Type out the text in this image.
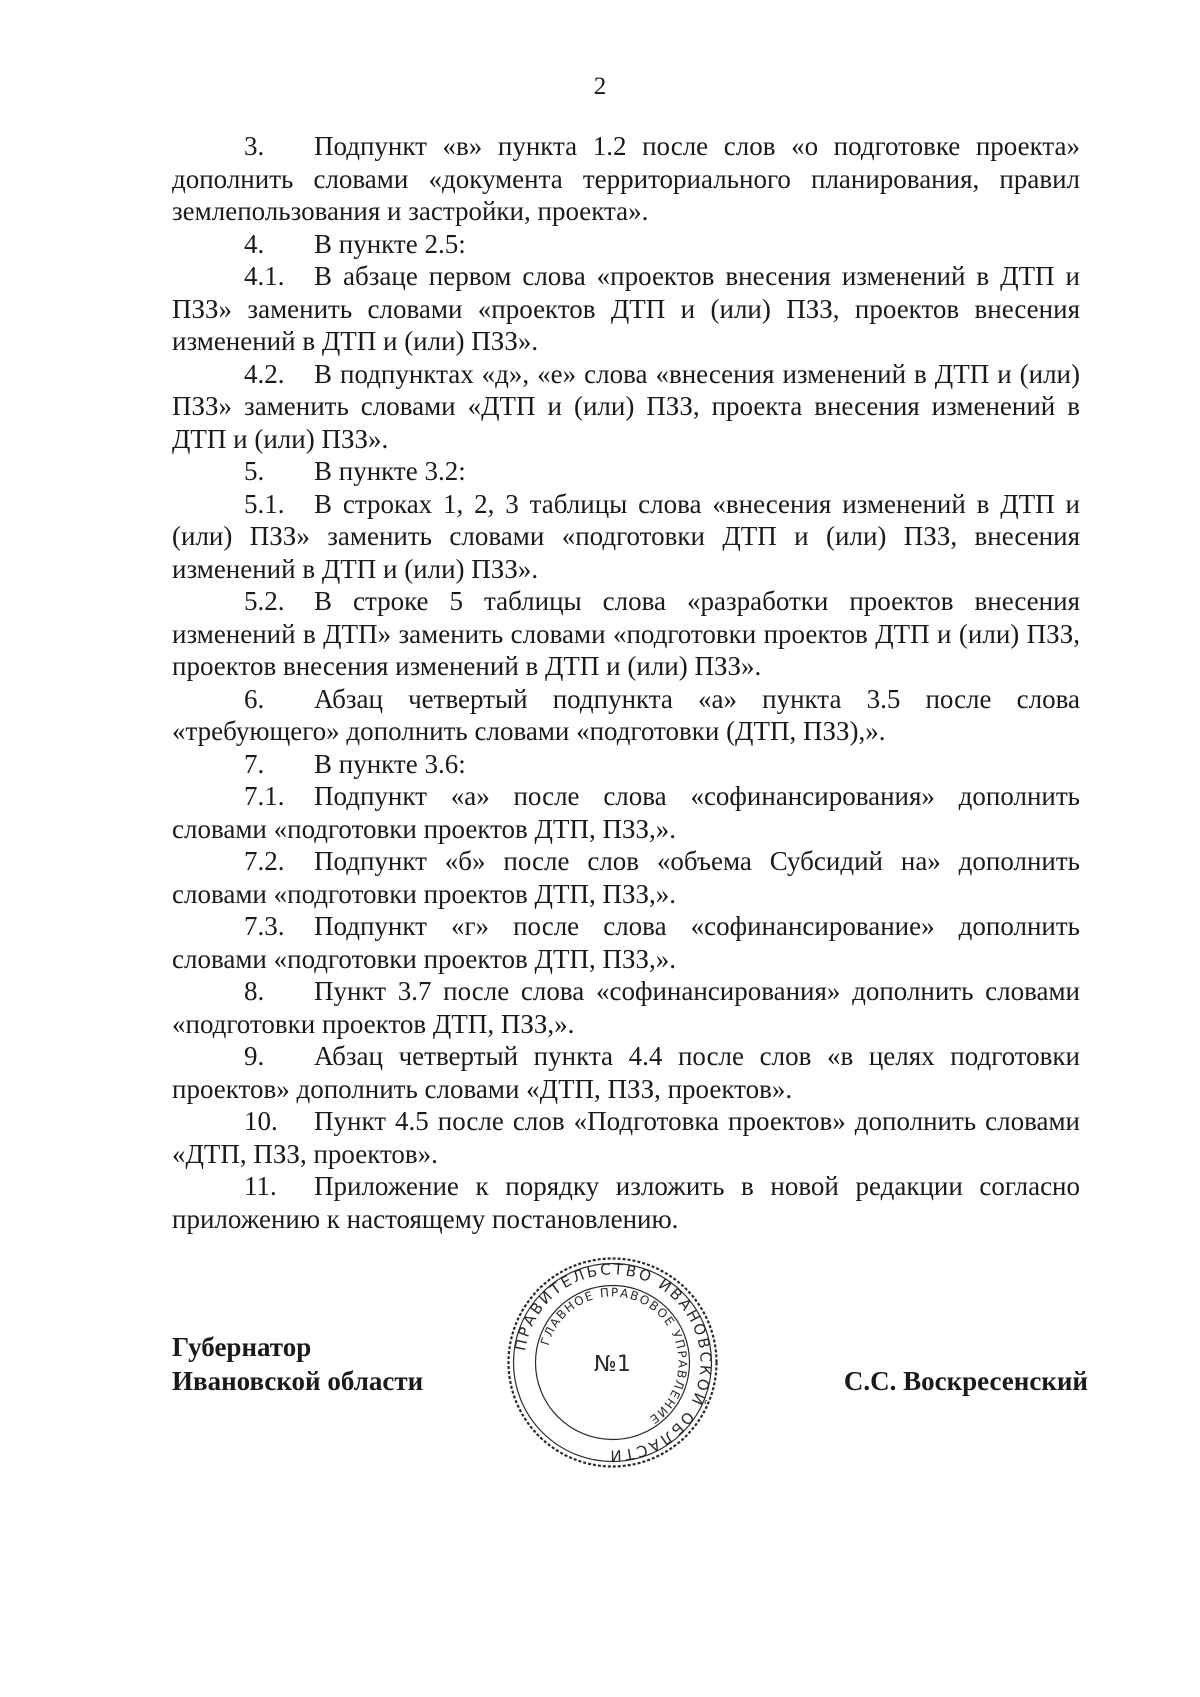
2

3. Подпункт «в» пункта 1.2 после слов «о подготовке проекта» дополнить словами «документа территориального планирования, правил землепользования и застройки, проекта».

4. В пункте 2.5:

4.1. В абзаце первом слова «проектов внесения изменений в ДТП и ПЗЗ» заменить словами «проектов ДТП и (или) ПЗЗ, проектов внесения изменений в ДТП и (или) ПЗЗ».

4.2. В подпунктах «д», «е» слова «внесения изменений в ДТП и (или) ПЗЗ» заменить словами «ДТП и (или) ПЗЗ, проекта внесения изменений в ДТП и (или) ПЗЗ».

5. В пункте 3.2:

5.1. В строках 1, 2, 3 таблицы слова «внесения изменений в ДТП и (или) ПЗЗ» заменить словами «подготовки ДТП и (или) ПЗЗ, внесения изменений в ДТП и (или) ПЗЗ».

5.2. В строке 5 таблицы слова «разработки проектов внесения изменений в ДТП» заменить словами «подготовки проектов ДТП и (или) ПЗЗ, проектов внесения изменений в ДТП и (или) ПЗЗ».

6. Абзац четвертый подпункта «а» пункта 3.5 после слова «требующего» дополнить словами «подготовки (ДТП, ПЗЗ),».

7. В пункте 3.6:

7.1. Подпункт «а» после слова «софинансирования» дополнить словами «подготовки проектов ДТП, ПЗЗ,».

7.2. Подпункт «б» после слов «объема Субсидий на» дополнить словами «подготовки проектов ДТП, ПЗЗ,».

7.3. Подпункт «г» после слова «софинансирование» дополнить словами «подготовки проектов ДТП, ПЗЗ,».

8. Пункт 3.7 после слова «софинансирования» дополнить словами «подготовки проектов ДТП, ПЗЗ,».

9. Абзац четвертый пункта 4.4 после слов «в целях подготовки проектов» дополнить словами «ДТП, ПЗЗ, проектов».

10. Пункт 4.5 после слов «Подготовка проектов» дополнить словами «ДТП, ПЗЗ, проектов».

11. Приложение к порядку изложить в новой редакции согласно приложению к настоящему постановлению.

Губернатор
Ивановской области	С.С. Воскресенский
ПРАВИТЕЛЬСТВО ИВАНОВСКОЙ ОБЛАСТИ
ГЛАВНОЕ ПРАВОВОЕ УПРАВЛЕНИЕ
№1
